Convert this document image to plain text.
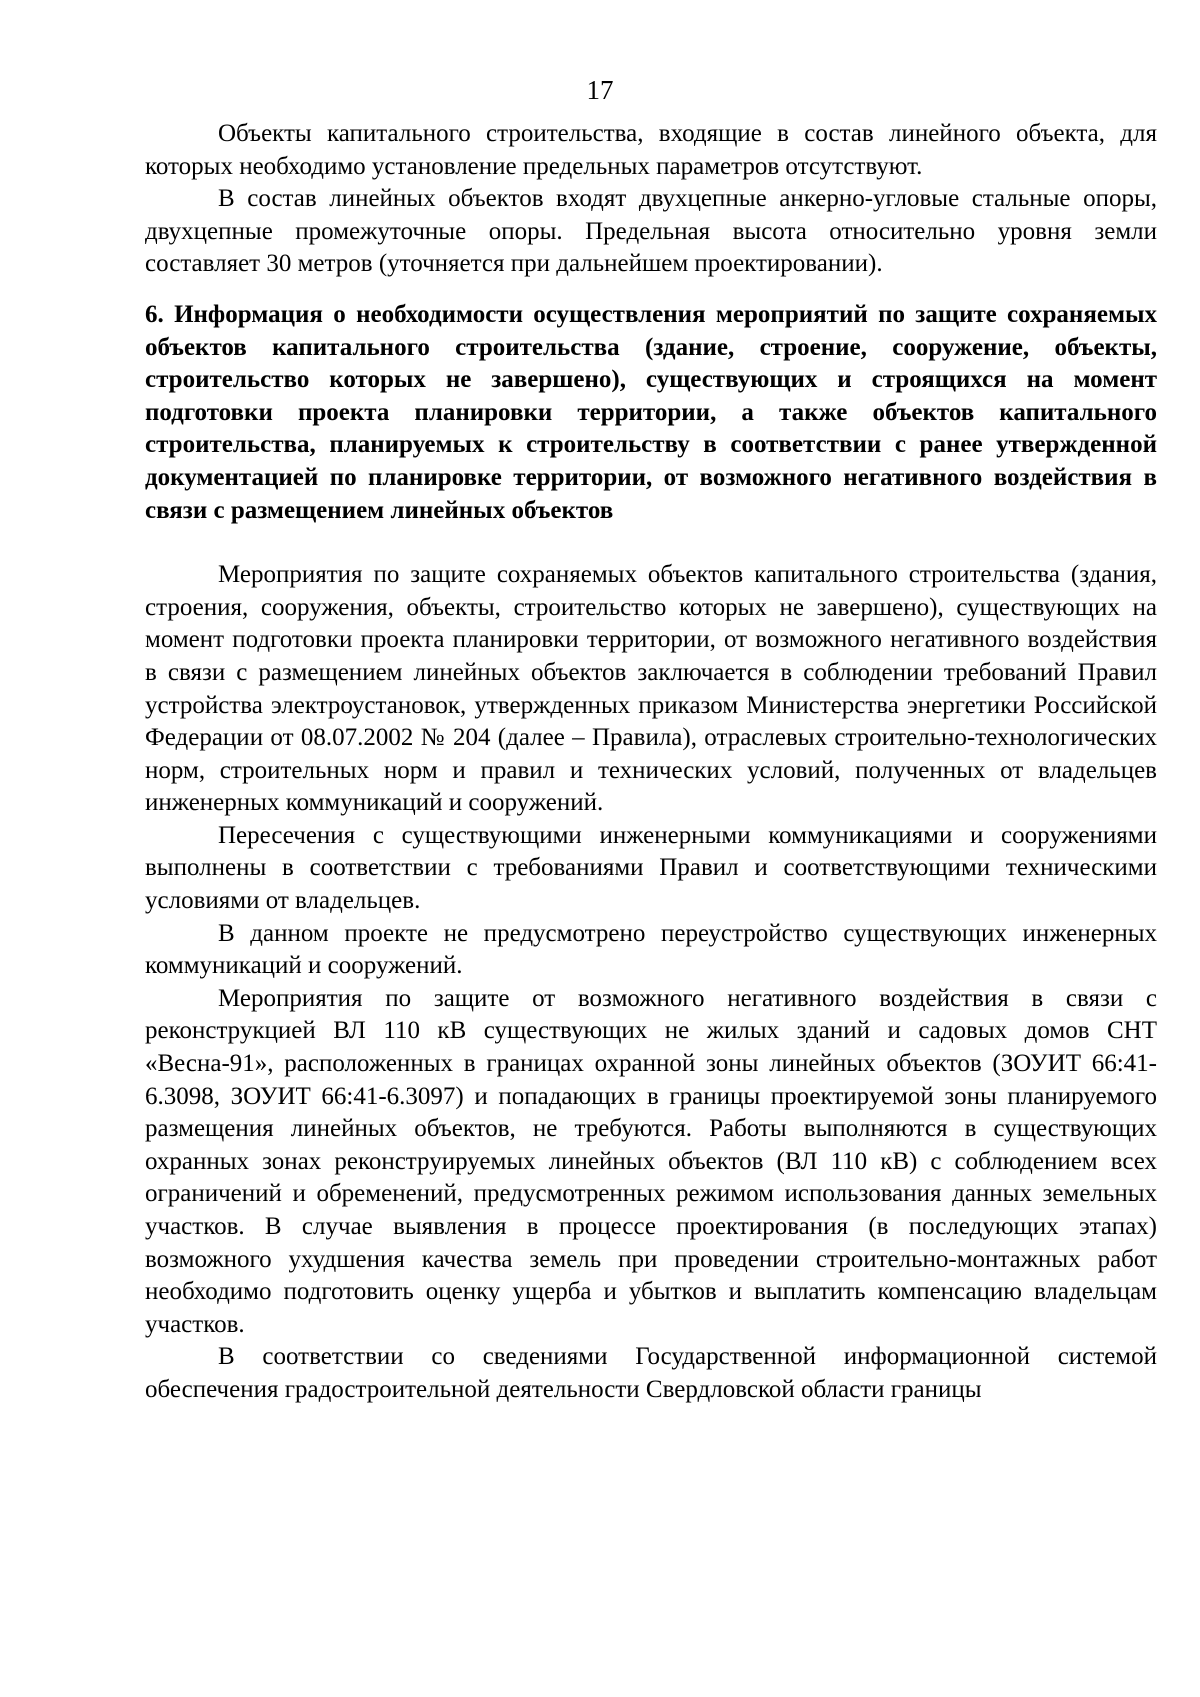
17

Объекты капитального строительства, входящие в состав линейного объекта, для которых необходимо установление предельных параметров отсутствуют.

В состав линейных объектов входят двухцепные анкерно-угловые стальные опоры, двухцепные промежуточные опоры. Предельная высота относительно уровня земли составляет 30 метров (уточняется при дальнейшем проектировании).

6. Информация о необходимости осуществления мероприятий по защите сохраняемых объектов капитального строительства (здание, строение, сооружение, объекты, строительство которых не завершено), существующих и строящихся на момент подготовки проекта планировки территории, а также объектов капитального строительства, планируемых к строительству в соответствии с ранее утвержденной документацией по планировке территории, от возможного негативного воздействия в связи с размещением линейных объектов

Мероприятия по защите сохраняемых объектов капитального строительства (здания, строения, сооружения, объекты, строительство которых не завершено), существующих на момент подготовки проекта планировки территории, от возможного негативного воздействия в связи с размещением линейных объектов заключается в соблюдении требований Правил устройства электроустановок, утвержденных приказом Министерства энергетики Российской Федерации от 08.07.2002 № 204 (далее – Правила), отраслевых строительно-технологических норм, строительных норм и правил и технических условий, полученных от владельцев инженерных коммуникаций и сооружений.

Пересечения с существующими инженерными коммуникациями и сооружениями выполнены в соответствии с требованиями Правил и соответствующими техническими условиями от владельцев.

В данном проекте не предусмотрено переустройство существующих инженерных коммуникаций и сооружений.

Мероприятия по защите от возможного негативного воздействия в связи с реконструкцией ВЛ 110 кВ существующих не жилых зданий и садовых домов СНТ «Весна-91», расположенных в границах охранной зоны линейных объектов (ЗОУИТ 66:41-6.3098, ЗОУИТ 66:41-6.3097) и попадающих в границы проектируемой зоны планируемого размещения линейных объектов, не требуются. Работы выполняются в существующих охранных зонах реконструируемых линейных объектов (ВЛ 110 кВ) с соблюдением всех ограничений и обременений, предусмотренных режимом использования данных земельных участков. В случае выявления в процессе проектирования (в последующих этапах) возможного ухудшения качества земель при проведении строительно-монтажных работ необходимо подготовить оценку ущерба и убытков и выплатить компенсацию владельцам участков.

В соответствии со сведениями Государственной информационной системой обеспечения градостроительной деятельности Свердловской области границы
